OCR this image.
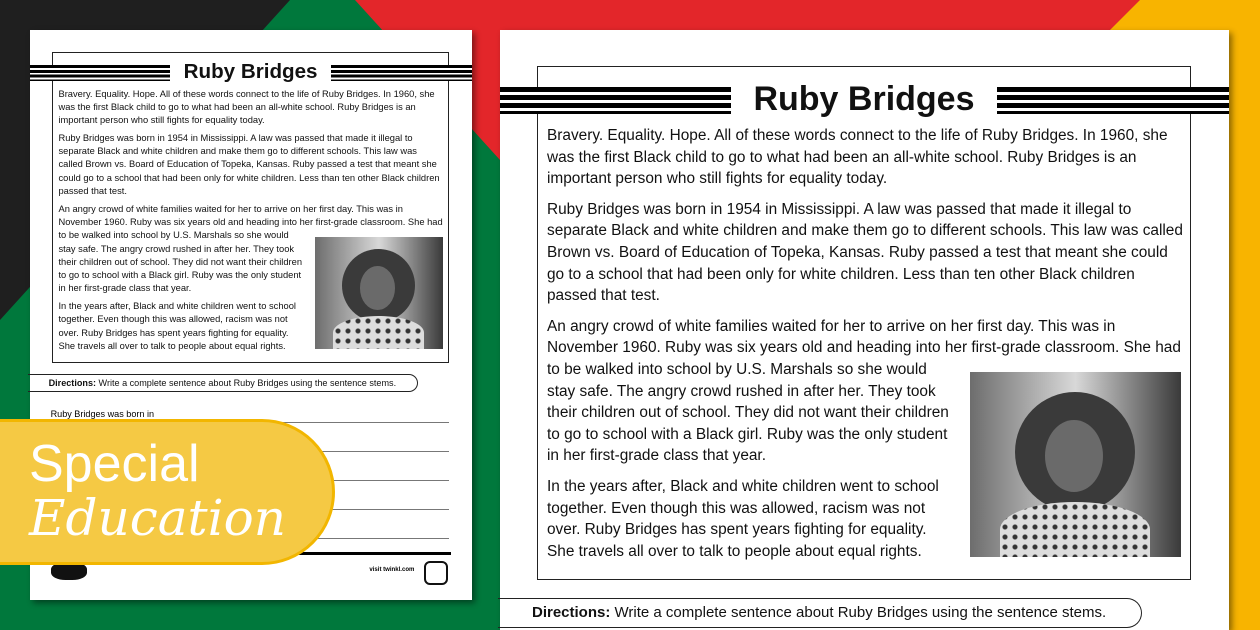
Ruby Bridges

Bravery. Equality. Hope. All of these words connect to the life of Ruby Bridges. In 1960, she was the first Black child to go to what had been an all-white school. Ruby Bridges is an important person who still fights for equality today.

Ruby Bridges was born in 1954 in Mississippi. A law was passed that made it illegal to separate Black and white children and make them go to different schools. This law was called Brown vs. Board of Education of Topeka, Kansas. Ruby passed a test that meant she could go to a school that had been only for white children. Less than ten other Black children passed that test.

An angry crowd of white families waited for her to arrive on her first day. This was in November 1960. Ruby was six years old and heading into her first-grade classroom. She had to be walked into school by U.S. Marshals so she would stay safe. The angry crowd rushed in after her. They took their children out of school. They did not want their children to go to school with a Black girl. Ruby was the only student in her first-grade class that year.

In the years after, Black and white children went to school together. Even though this was allowed, racism was not over. Ruby Bridges has spent years fighting for equality. She travels all over to talk to people about equal rights.

Directions: Write a complete sentence about Ruby Bridges using the sentence stems.
Ruby Bridges was born in
visit twinkl.com
Ruby Bridges

Bravery. Equality. Hope. All of these words connect to the life of Ruby Bridges. In 1960, she was the first Black child to go to what had been an all-white school. Ruby Bridges is an important person who still fights for equality today.

Ruby Bridges was born in 1954 in Mississippi. A law was passed that made it illegal to separate Black and white children and make them go to different schools. This law was called Brown vs. Board of Education of Topeka, Kansas. Ruby passed a test that meant she could go to a school that had been only for white children. Less than ten other Black children passed that test.

An angry crowd of white families waited for her to arrive on her first day. This was in November 1960. Ruby was six years old and heading into her first-grade classroom. She had to be walked into school by U.S. Marshals so she would stay safe. The angry crowd rushed in after her. They took their children out of school. They did not want their children to go to school with a Black girl. Ruby was the only student in her first-grade class that year.

In the years after, Black and white children went to school together. Even though this was allowed, racism was not over. Ruby Bridges has spent years fighting for equality. She travels all over to talk to people about equal rights.

Directions: Write a complete sentence about Ruby Bridges using the sentence stems.
Special
Education
